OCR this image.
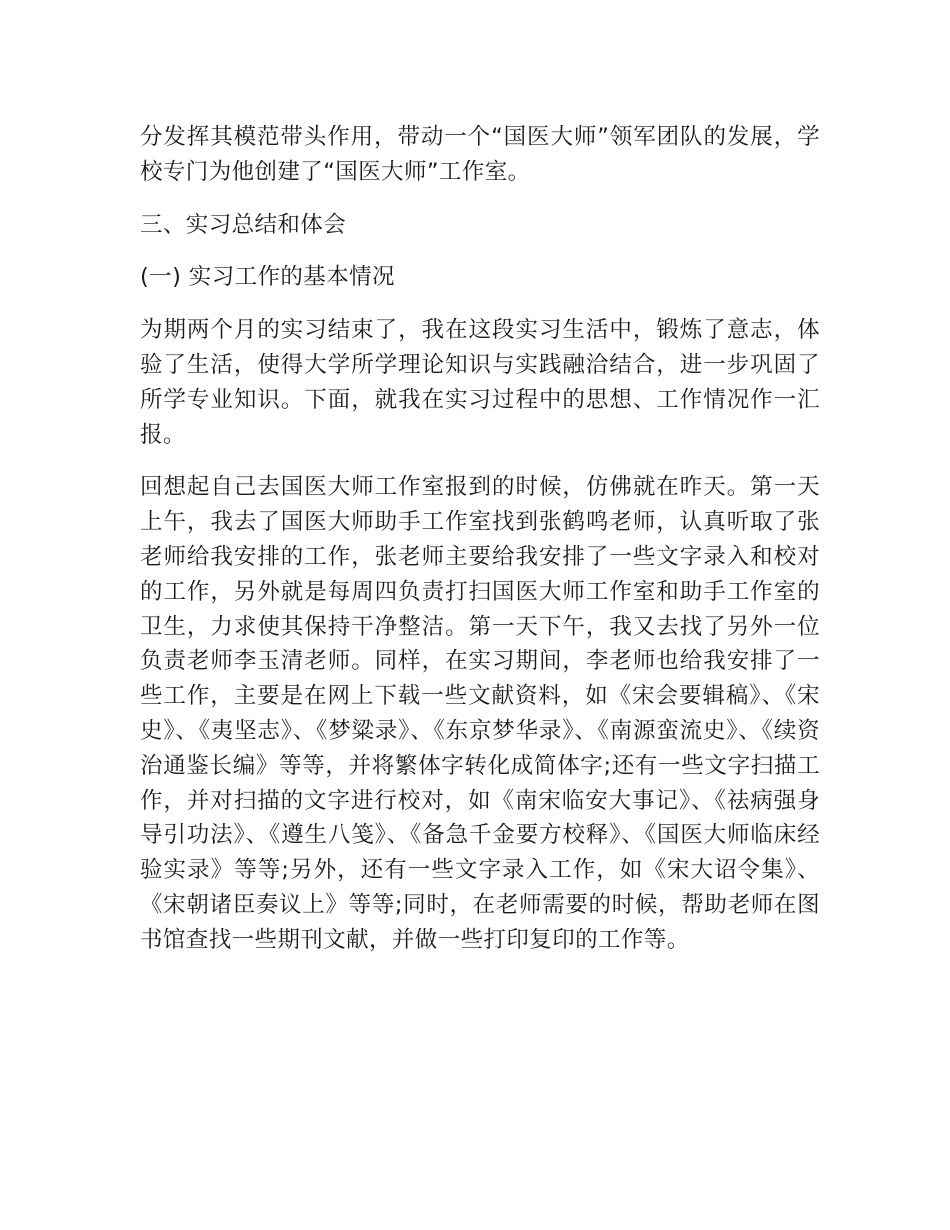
分发挥其模范带头作用，带动一个“国医大师”领军团队的发展，学校专门为他创建了“国医大师”工作室。

三、实习总结和体会

(一) 实习工作的基本情况

为期两个月的实习结束了，我在这段实习生活中，锻炼了意志，体验了生活，使得大学所学理论知识与实践融洽结合，进一步巩固了所学专业知识。下面，就我在实习过程中的思想、工作情况作一汇报。

回想起自己去国医大师工作室报到的时候，仿佛就在昨天。第一天上午，我去了国医大师助手工作室找到张鹤鸣老师，认真听取了张老师给我安排的工作，张老师主要给我安排了一些文字录入和校对的工作，另外就是每周四负责打扫国医大师工作室和助手工作室的卫生，力求使其保持干净整洁。第一天下午，我又去找了另外一位负责老师李玉清老师。同样，在实习期间，李老师也给我安排了一些工作，主要是在网上下载一些文献资料，如《宋会要辑稿》、《宋史》、《夷坚志》、《梦粱录》、《东京梦华录》、《南源蛮流史》、《续资治通鉴长编》等等，并将繁体字转化成简体字;还有一些文字扫描工作，并对扫描的文字进行校对，如《南宋临安大事记》、《祛病强身导引功法》、《遵生八笺》、《备急千金要方校释》、《国医大师临床经验实录》等等;另外，还有一些文字录入工作，如《宋大诏令集》、《宋朝诸臣奏议上》等等;同时，在老师需要的时候，帮助老师在图书馆查找一些期刊文献，并做一些打印复印的工作等。
